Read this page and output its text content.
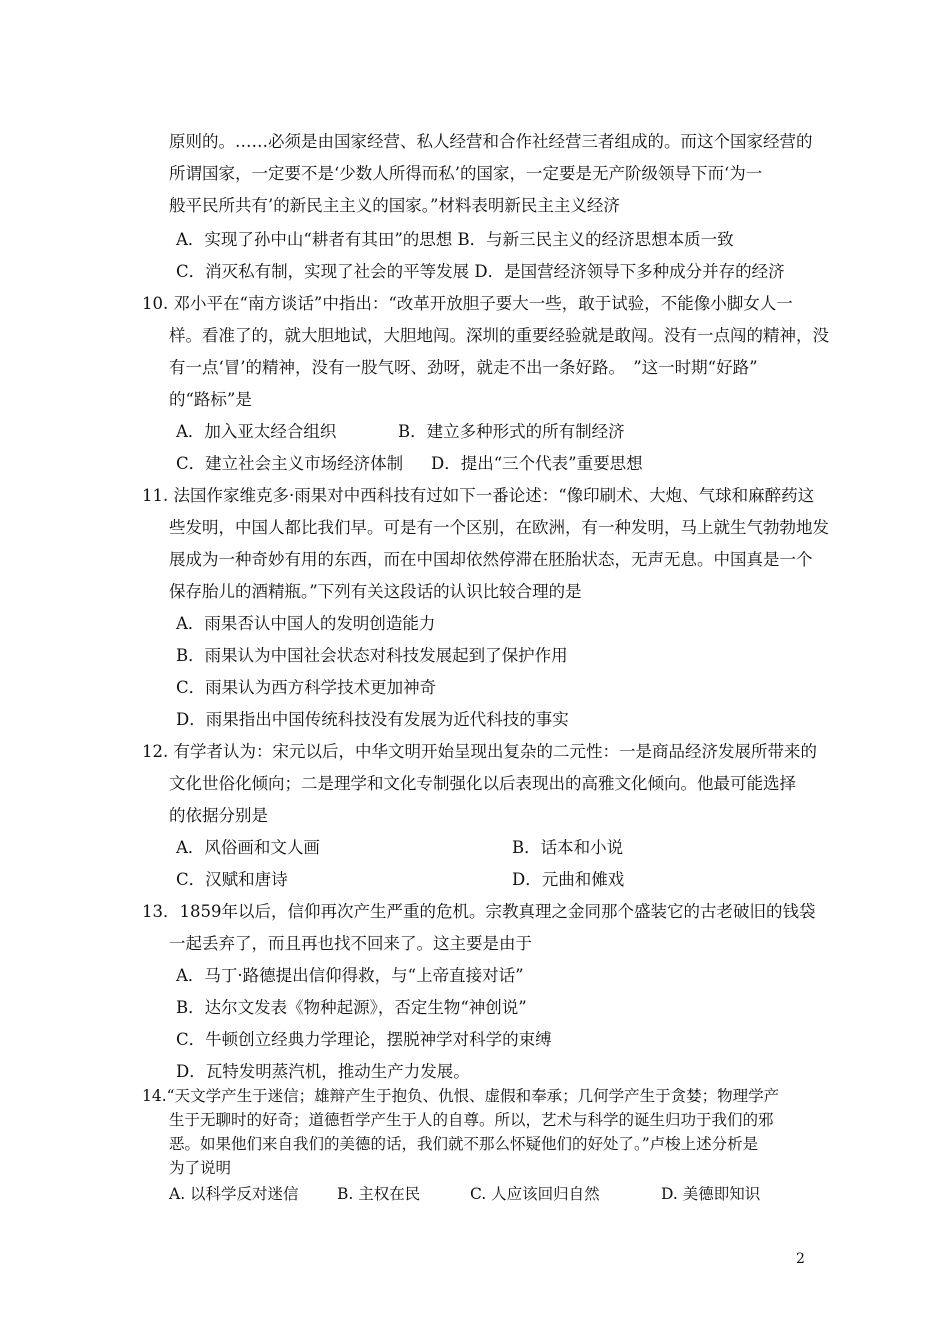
原则的。……必须是由国家经营、私人经营和合作社经营三者组成的。而这个国家经营的
所谓国家，一定要不是‘少数人所得而私’的国家，一定要是无产阶级领导下而‘为一
般平民所共有’的新民主主义的国家。”材料表明新民主主义经济
A．实现了孙中山“耕者有其田”的思想 B．与新三民主义的经济思想本质一致
C．消灭私有制，实现了社会的平等发展 D．是国营经济领导下多种成分并存的经济
10. 邓小平在“南方谈话”中指出：“改革开放胆子要大一些，敢于试验，不能像小脚女人一
样。看准了的，就大胆地试，大胆地闯。深圳的重要经验就是敢闯。没有一点闯的精神，没
有一点‘冒’的精神，没有一股气呀、劲呀，就走不出一条好路。　”这一时期“好路”
的“路标”是
A．加入亚太经合组织	B．建立多种形式的所有制经济
C．建立社会主义市场经济体制 D．提出“三个代表”重要思想
11. 法国作家维克多·雨果对中西科技有过如下一番论述：“像印刷术、大炮、气球和麻醉药这
些发明，中国人都比我们早。可是有一个区别，在欧洲，有一种发明，马上就生气勃勃地发
展成为一种奇妙有用的东西，而在中国却依然停滞在胚胎状态，无声无息。中国真是一个
保存胎儿的酒精瓶。”下列有关这段话的认识比较合理的是
A．雨果否认中国人的发明创造能力
B．雨果认为中国社会状态对科技发展起到了保护作用
C．雨果认为西方科学技术更加神奇
D．雨果指出中国传统科技没有发展为近代科技的事实
12. 有学者认为：宋元以后，中华文明开始呈现出复杂的二元性：一是商品经济发展所带来的
文化世俗化倾向；二是理学和文化专制强化以后表现出的高雅文化倾向。他最可能选择
的依据分别是
A．风俗画和文人画	B．话本和小说
C．汉赋和唐诗	D．元曲和傩戏
13．1859年以后，信仰再次产生严重的危机。宗教真理之金同那个盛装它的古老破旧的钱袋
一起丢弃了，而且再也找不回来了。这主要是由于
A．马丁·路德提出信仰得救，与“上帝直接对话”
B．达尔文发表《物种起源》，否定生物“神创说”
C．牛顿创立经典力学理论，摆脱神学对科学的束缚
D．瓦特发明蒸汽机，推动生产力发展。
14.“天文学产生于迷信；雄辩产生于抱负、仇恨、虚假和奉承；几何学产生于贪婪；物理学产
生于无聊时的好奇；道德哲学产生于人的自尊。所以，艺术与科学的诞生归功于我们的邪
恶。如果他们来自我们的美德的话，我们就不那么怀疑他们的好处了。”卢梭上述分析是
为了说明
A. 以科学反对迷信 B. 主权在民	C. 人应该回归自然	D. 美德即知识
2
